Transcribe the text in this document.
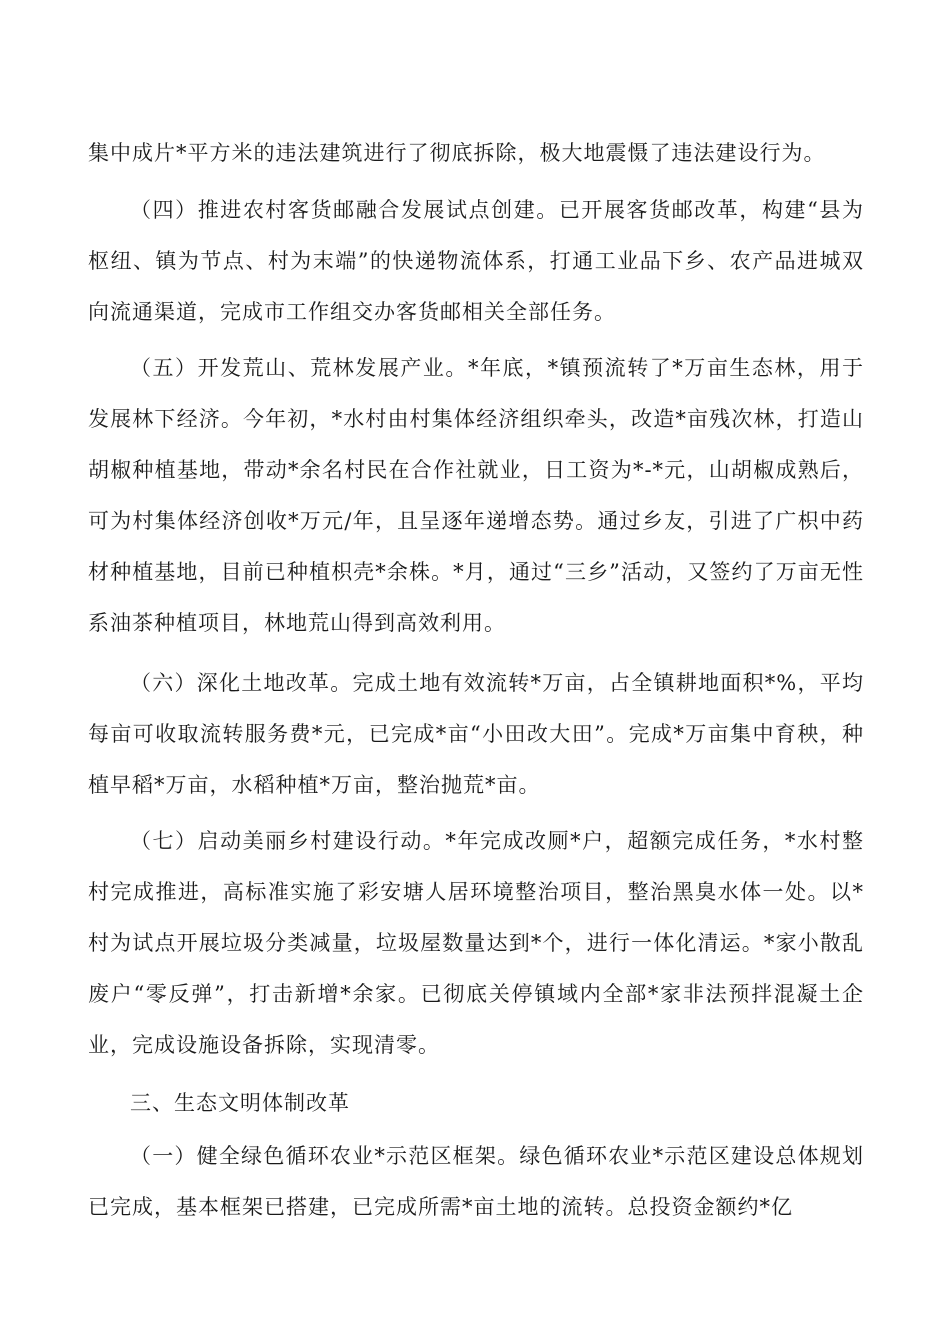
集中成片*平方米的违法建筑进行了彻底拆除，极大地震慑了违法建设行为。

（四）推进农村客货邮融合发展试点创建。已开展客货邮改革，构建“县为枢纽、镇为节点、村为末端”的快递物流体系，打通工业品下乡、农产品进城双向流通渠道，完成市工作组交办客货邮相关全部任务。

（五）开发荒山、荒林发展产业。*年底，*镇预流转了*万亩生态林，用于发展林下经济。今年初，*水村由村集体经济组织牵头，改造*亩残次林，打造山胡椒种植基地，带动*余名村民在合作社就业，日工资为*-*元，山胡椒成熟后，可为村集体经济创收*万元/年，且呈逐年递增态势。通过乡友，引进了广枳中药材种植基地，目前已种植枳壳*余株。*月，通过“三乡”活动，又签约了万亩无性系油茶种植项目，林地荒山得到高效利用。

（六）深化土地改革。完成土地有效流转*万亩，占全镇耕地面积*%，平均每亩可收取流转服务费*元，已完成*亩“小田改大田”。完成*万亩集中育秧，种植早稻*万亩，水稻种植*万亩，整治抛荒*亩。

（七）启动美丽乡村建设行动。*年完成改厕*户，超额完成任务，*水村整村完成推进，高标准实施了彩安塘人居环境整治项目，整治黑臭水体一处。以*村为试点开展垃圾分类减量，垃圾屋数量达到*个，进行一体化清运。*家小散乱废户“零反弹”，打击新增*余家。已彻底关停镇域内全部*家非法预拌混凝土企业，完成设施设备拆除，实现清零。

三、生态文明体制改革

（一）健全绿色循环农业*示范区框架。绿色循环农业*示范区建设总体规划已完成，基本框架已搭建，已完成所需*亩土地的流转。总投资金额约*亿
